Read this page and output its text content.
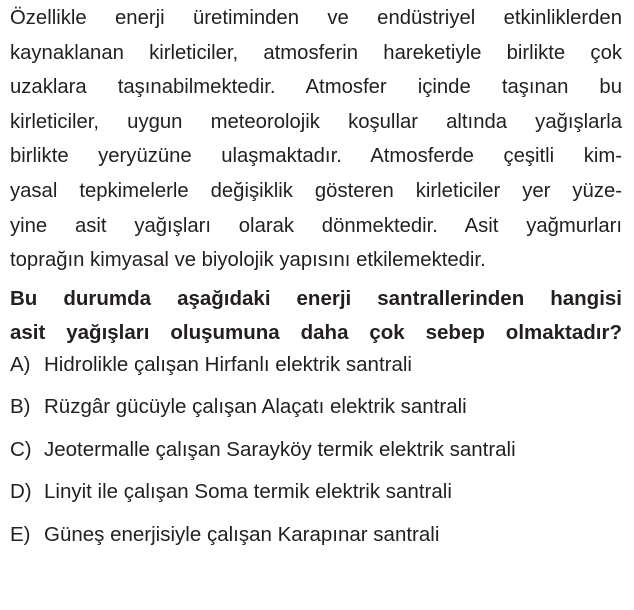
Özellikle enerji üretiminden ve endüstriyel etkinliklerden
kaynaklanan kirleticiler, atmosferin hareketiyle birlikte çok
uzaklara taşınabilmektedir. Atmosfer içinde taşınan bu
kirleticiler, uygun meteorolojik koşullar altında yağışlarla
birlikte yeryüzüne ulaşmaktadır. Atmosferde çeşitli kim-
yasal tepkimelerle değişiklik gösteren kirleticiler yer yüze-
yine asit yağışları olarak dönmektedir. Asit yağmurları
toprağın kimyasal ve biyolojik yapısını etkilemektedir.
Bu durumda aşağıdaki enerji santrallerinden hangisi
asit yağışları oluşumuna daha çok sebep olmaktadır?
A) Hidrolikle çalışan Hirfanlı elektrik santrali
B) Rüzgâr gücüyle çalışan Alaçatı elektrik santrali
C) Jeotermalle çalışan Sarayköy termik elektrik santrali
D) Linyit ile çalışan Soma termik elektrik santrali
E) Güneş enerjisiyle çalışan Karapınar santrali
